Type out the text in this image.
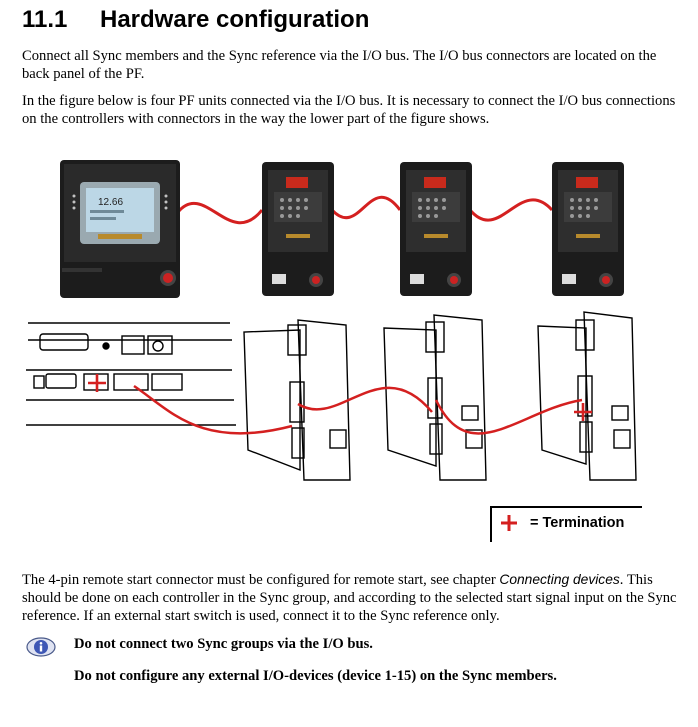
11.1 Hardware configuration
Connect all Sync members and the Sync reference via the I/O bus. The I/O bus connectors are located on the back panel of the PF.
In the figure below is four PF units connected via the I/O bus. It is necessary to connect the I/O bus connections on the controllers with connectors in the way the lower part of the figure shows.
12.66
= Termination
The 4-pin remote start connector must be configured for remote start, see chapter Connecting devices. This should be done on each controller in the Sync group, and according to the selected start signal input on the Sync reference. If an external start switch is used, connect it to the Sync reference only.
Do not connect two Sync groups via the I/O bus.
Do not configure any external I/O-devices (device 1-15) on the Sync members.
